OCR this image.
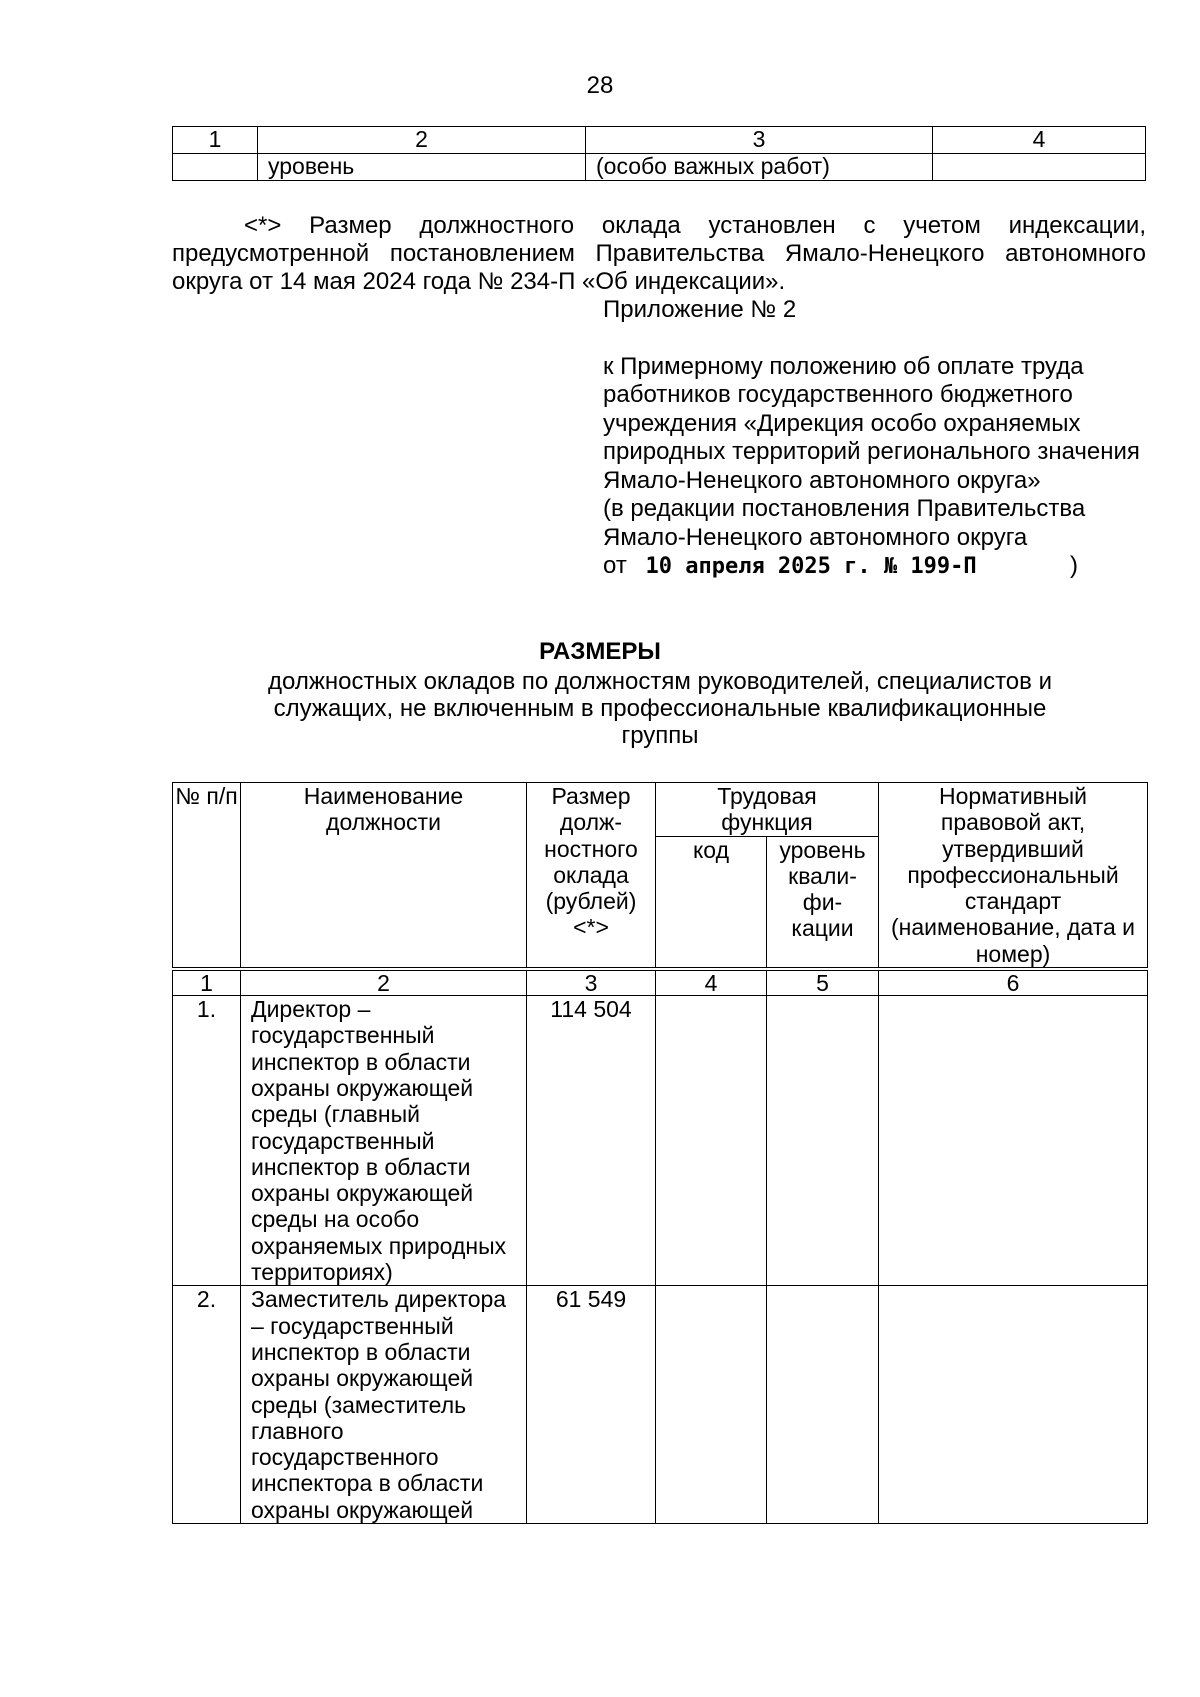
28
1	2	3	4
	уровень	(особо важных работ)	
<*> Размер должностного оклада установлен с учетом индексации, предусмотренной постановлением Правительства Ямало-Ненецкого автономного округа от 14 мая 2024 года № 234-П «Об индексации».
Приложение № 2
к Примерному положению об оплате труда работников государственного бюджетного учреждения «Дирекция особо охраняемых природных территорий регионального значения Ямало-Ненецкого автономного округа»
(в редакции постановления Правительства Ямало-Ненецкого автономного округа
от 10 апреля 2025 г. № 199-П	)
РАЗМЕРЫ
должностных окладов по должностям руководителей, специалистов и служащих, не включенным в профессиональные квалификационные группы
№ п/п	Наименование должности	Размер долж-ностного оклада (рублей) <*>	Трудовая функция		Нормативный правовой акт, утвердивший профессиональный стандарт (наименование, дата и номер)
			код	уровень квали-фи-кации	
1	2	3	4	5	6
1.	Директор – государственный инспектор в области охраны окружающей среды (главный государственный инспектор в области охраны окружающей среды на особо охраняемых природных территориях)	114 504			
2.	Заместитель директора – государственный инспектор в области охраны окружающей среды (заместитель главного государственного инспектора в области охраны окружающей	61 549			
